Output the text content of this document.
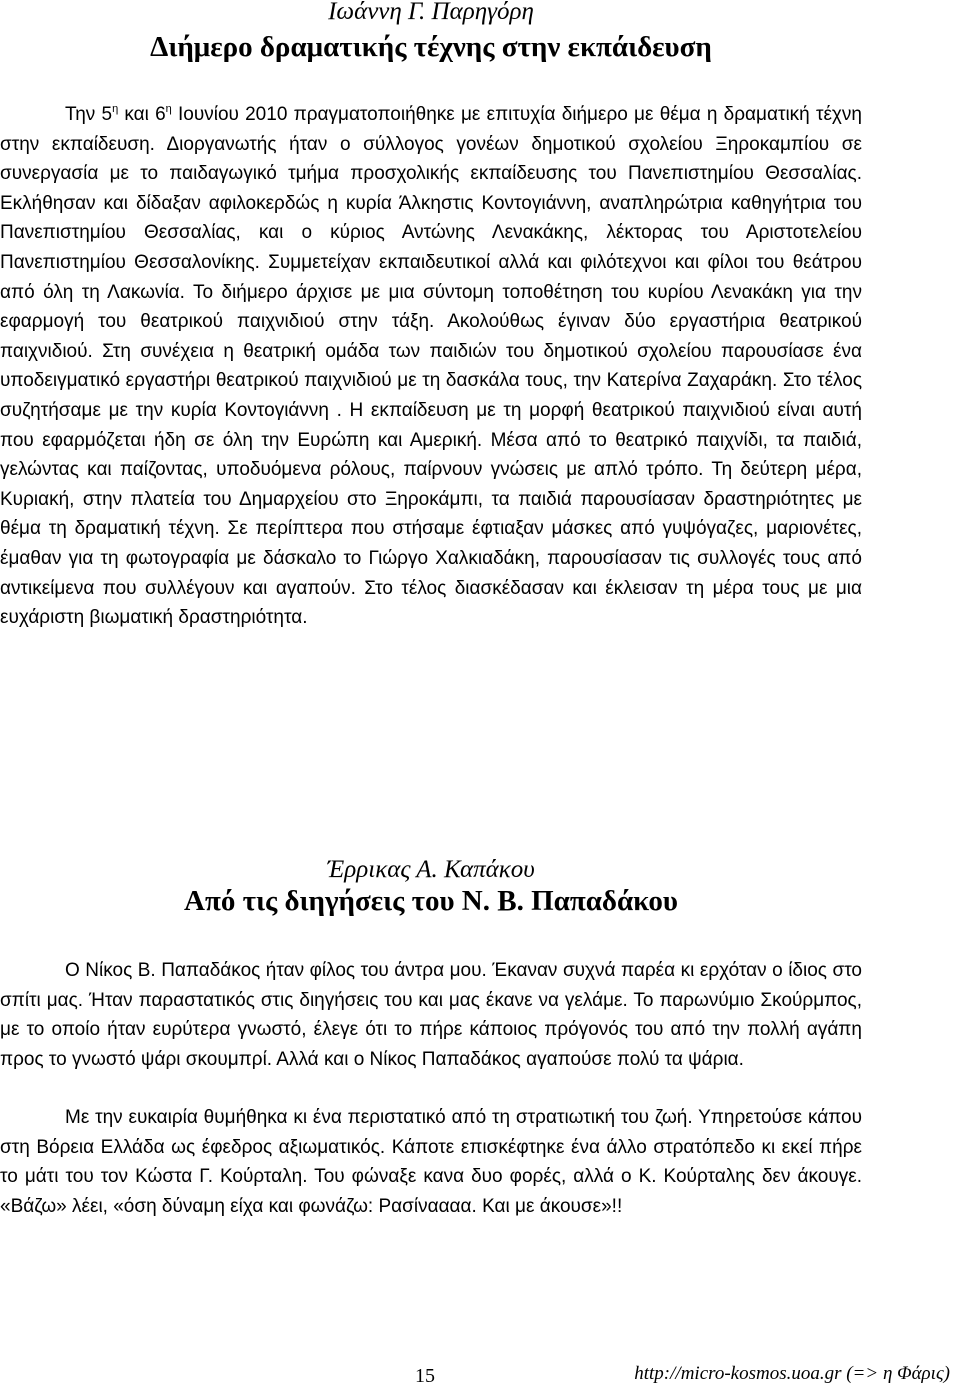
Ιωάννη Γ. Παρηγόρη
Διήμερο δραματικής τέχνης στην εκπάιδευση

Την $5^\eta$ και $6^\eta$ Ιουνίου 2010 πραγματοποιήθηκε με επιτυχία διήμερο με θέμα η δραματική τέχνη στην εκπαίδευση. Διοργανωτής ήταν ο σύλλογος γονέων δημοτικού σχολείου Ξηροκαμπίου σε συνεργασία με το παιδαγωγικό τμήμα προσχολικής εκπαίδευσης του Πανεπιστημίου Θεσσαλίας. Εκλήθησαν και δίδαξαν αφιλοκερδώς η κυρία Άλκηστις Κοντογιάννη, αναπληρώτρια καθηγήτρια του Πανεπιστημίου Θεσσαλίας, και ο κύριος Αντώνης Λενακάκης, λέκτορας του Αριστοτελείου Πανεπιστημίου Θεσσαλονίκης. Συμμετείχαν εκπαιδευτικοί αλλά και φιλότεχνοι και φίλοι του θεάτρου από όλη τη Λακωνία. Το διήμερο άρχισε με μια σύντομη τοποθέτηση του κυρίου Λενακάκη για την εφαρμογή του θεατρικού παιχνιδιού στην τάξη. Ακολούθως έγιναν δύο εργαστήρια θεατρικού παιχνιδιού. Στη συνέχεια η θεατρική ομάδα των παιδιών του δημοτικού σχολείου παρουσίασε ένα υποδειγματικό εργαστήρι θεατρικού παιχνιδιού με τη δασκάλα τους, την Κατερίνα Ζαχαράκη. Στο τέλος συζητήσαμε με την κυρία Κοντογιάννη . Η εκπαίδευση με τη μορφή θεατρικού παιχνιδιού είναι αυτή που εφαρμόζεται ήδη σε όλη την Ευρώπη και Αμερική. Μέσα από το θεατρικό παιχνίδι, τα παιδιά, γελώντας και παίζοντας, υποδυόμενα ρόλους, παίρνουν γνώσεις με απλό τρόπο. Τη δεύτερη μέρα, Κυριακή, στην πλατεία του Δημαρχείου στο Ξηροκάμπι, τα παιδιά παρουσίασαν δραστηριότητες με θέμα τη δραματική τέχνη. Σε περίπτερα που στήσαμε έφτιαξαν μάσκες από γυψόγαζες, μαριονέτες, έμαθαν για τη φωτογραφία με δάσκαλο το Γιώργο Χαλκιαδάκη, παρουσίασαν τις συλλογές τους από αντικείμενα που συλλέγουν και αγαπούν. Στο τέλος διασκέδασαν και έκλεισαν τη μέρα τους με μια ευχάριστη βιωματική δραστηριότητα.

Έρρικας Α. Καπάκου
Από τις διηγήσεις του Ν. Β. Παπαδάκου

Ο Νίκος Β. Παπαδάκος ήταν φίλος του άντρα μου. Έκαναν συχνά παρέα κι ερχόταν ο ίδιος στο σπίτι μας. Ήταν παραστατικός στις διηγήσεις του και μας έκανε να γελάμε. Το παρωνύμιο Σκούρμπος, με το οποίο ήταν ευρύτερα γνωστό, έλεγε ότι το πήρε κάποιος πρόγονός του από την πολλή αγάπη προς το γνωστό ψάρι σκουμπρί. Αλλά και ο Νίκος Παπαδάκος αγαπούσε πολύ τα ψάρια.

Με την ευκαιρία θυμήθηκα κι ένα περιστατικό από τη στρατιωτική του ζωή. Υπηρετούσε κάπου στη Βόρεια Ελλάδα ως έφεδρος αξιωματικός. Κάποτε επισκέφτηκε ένα άλλο στρατόπεδο κι εκεί πήρε το μάτι του τον Κώστα Γ. Κούρταλη. Του φώναξε κανα δυο φορές, αλλά ο Κ. Κούρταλης δεν άκουγε. «Βάζω» λέει, «όση δύναμη είχα και φωνάζω: Ρασίναααα. Και με άκουσε»!!

15	http://micro-kosmos.uoa.gr (=> η Φάρις)
